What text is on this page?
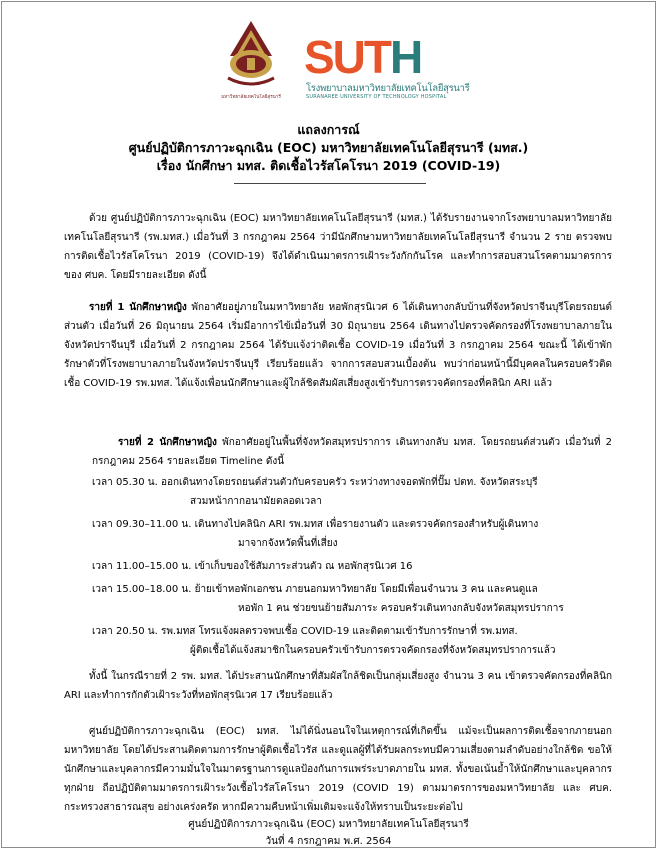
มหาวิทยาลัยเทคโนโลยีสุรนารี
SUTH
โรงพยาบาลมหาวิทยาลัยเทคโนโลยีสุรนารี
SURANAREE UNIVERSITY OF TECHNOLOGY HOSPITAL
แถลงการณ์
ศูนย์ปฏิบัติการภาวะฉุกเฉิน (EOC) มหาวิทยาลัยเทคโนโลยีสุรนารี (มทส.)
เรื่อง นักศึกษา มทส. ติดเชื้อไวรัสโคโรนา 2019 (COVID-19)

ด้วย ศูนย์ปฏิบัติการภาวะฉุกเฉิน (EOC) มหาวิทยาลัยเทคโนโลยีสุรนารี (มทส.) ได้รับรายงานจากโรงพยาบาลมหาวิทยาลัยเทคโนโลยีสุรนารี (รพ.มทส.) เมื่อวันที่ 3 กรกฎาคม 2564 ว่ามีนักศึกษามหาวิทยาลัยเทคโนโลยีสุรนารี จำนวน 2 ราย ตรวจพบการติดเชื้อไวรัสโคโรนา 2019 (COVID-19) จึงได้ดำเนินมาตรการเฝ้าระวังกักกันโรค และทำการสอบสวนโรคตามมาตรการของ ศบค. โดยมีรายละเอียด ดังนี้

รายที่ 1 นักศึกษาหญิง พักอาศัยอยู่ภายในมหาวิทยาลัย หอพักสุรนิเวศ 6 ได้เดินทางกลับบ้านที่จังหวัดปราจีนบุรีโดยรถยนต์ส่วนตัว เมื่อวันที่ 26 มิถุนายน 2564 เริ่มมีอาการไข้เมื่อวันที่ 30 มิถุนายน 2564 เดินทางไปตรวจคัดกรองที่โรงพยาบาลภายในจังหวัดปราจีนบุรี เมื่อวันที่ 2 กรกฎาคม 2564 ได้รับแจ้งว่าติดเชื้อ COVID-19 เมื่อวันที่ 3 กรกฎาคม 2564 ขณะนี้ ได้เข้าพักรักษาตัวที่โรงพยาบาลภายในจังหวัดปราจีนบุรี เรียบร้อยแล้ว จากการสอบสวนเบื้องต้น พบว่าก่อนหน้านี้มีบุคคลในครอบครัวติดเชื้อ COVID-19 รพ.มทส. ได้แจ้งเพื่อนนักศึกษาและผู้ใกล้ชิดสัมผัสเสี่ยงสูงเข้ารับการตรวจคัดกรองที่คลินิก ARI แล้ว

รายที่ 2 นักศึกษาหญิง พักอาศัยอยู่ในพื้นที่จังหวัดสมุทรปราการ เดินทางกลับ มทส. โดยรถยนต์ส่วนตัว เมื่อวันที่ 2 กรกฎาคม 2564 รายละเอียด Timeline ดังนี้

เวลา 05.30 น. ออกเดินทางโดยรถยนต์ส่วนตัวกับครอบครัว ระหว่างทางจอดพักที่ปั๊ม ปตท. จังหวัดสระบุรี
สวมหน้ากากอนามัยตลอดเวลา
เวลา 09.30–11.00 น. เดินทางไปคลินิก ARI รพ.มทส เพื่อรายงานตัว และตรวจคัดกรองสำหรับผู้เดินทาง
มาจากจังหวัดพื้นที่เสี่ยง
เวลา 11.00–15.00 น. เข้าเก็บของใช้สัมภาระส่วนตัว ณ หอพักสุรนิเวศ 16
เวลา 15.00–18.00 น. ย้ายเข้าหอพักเอกชน ภายนอกมหาวิทยาลัย โดยมีเพื่อนจำนวน 3 คน และคนดูแล
หอพัก 1 คน ช่วยขนย้ายสัมภาระ ครอบครัวเดินทางกลับจังหวัดสมุทรปราการ
เวลา 20.50 น. รพ.มทส โทรแจ้งผลตรวจพบเชื้อ COVID-19 และติดตามเข้ารับการรักษาที่ รพ.มทส.
ผู้ติดเชื้อได้แจ้งสมาชิกในครอบครัวเข้ารับการตรวจคัดกรองที่จังหวัดสมุทรปราการแล้ว

ทั้งนี้ ในกรณีรายที่ 2 รพ. มทส. ได้ประสานนักศึกษาที่สัมผัสใกล้ชิดเป็นกลุ่มเสี่ยงสูง จำนวน 3 คน เข้าตรวจคัดกรองที่คลินิก ARI และทำการกักตัวเฝ้าระวังที่หอพักสุรนิเวศ 17 เรียบร้อยแล้ว

ศูนย์ปฏิบัติการภาวะฉุกเฉิน (EOC) มทส. ไม่ได้นิ่งนอนใจในเหตุการณ์ที่เกิดขึ้น แม้จะเป็นผลการติดเชื้อจากภายนอกมหาวิทยาลัย โดยได้ประสานติดตามการรักษาผู้ติดเชื้อไวรัส และดูแลผู้ที่ได้รับผลกระทบมีความเสี่ยงตามลำดับอย่างใกล้ชิด ขอให้นักศึกษาและบุคลากรมีความมั่นใจในมาตรฐานการดูแลป้องกันการแพร่ระบาดภายใน มทส. ทั้งขอเน้นย้ำให้นักศึกษาและบุคลากรทุกฝ่าย ถือปฏิบัติตามมาตรการเฝ้าระวังเชื้อไวรัสโคโรนา 2019 (COVID 19) ตามมาตรการของมหาวิทยาลัย และ ศบค. กระทรวงสาธารณสุข อย่างเคร่งครัด หากมีความคืบหน้าเพิ่มเติมจะแจ้งให้ทราบเป็นระยะต่อไป

ศูนย์ปฏิบัติการภาวะฉุกเฉิน (EOC) มหาวิทยาลัยเทคโนโลยีสุรนารี
วันที่ 4 กรกฎาคม พ.ศ. 2564
